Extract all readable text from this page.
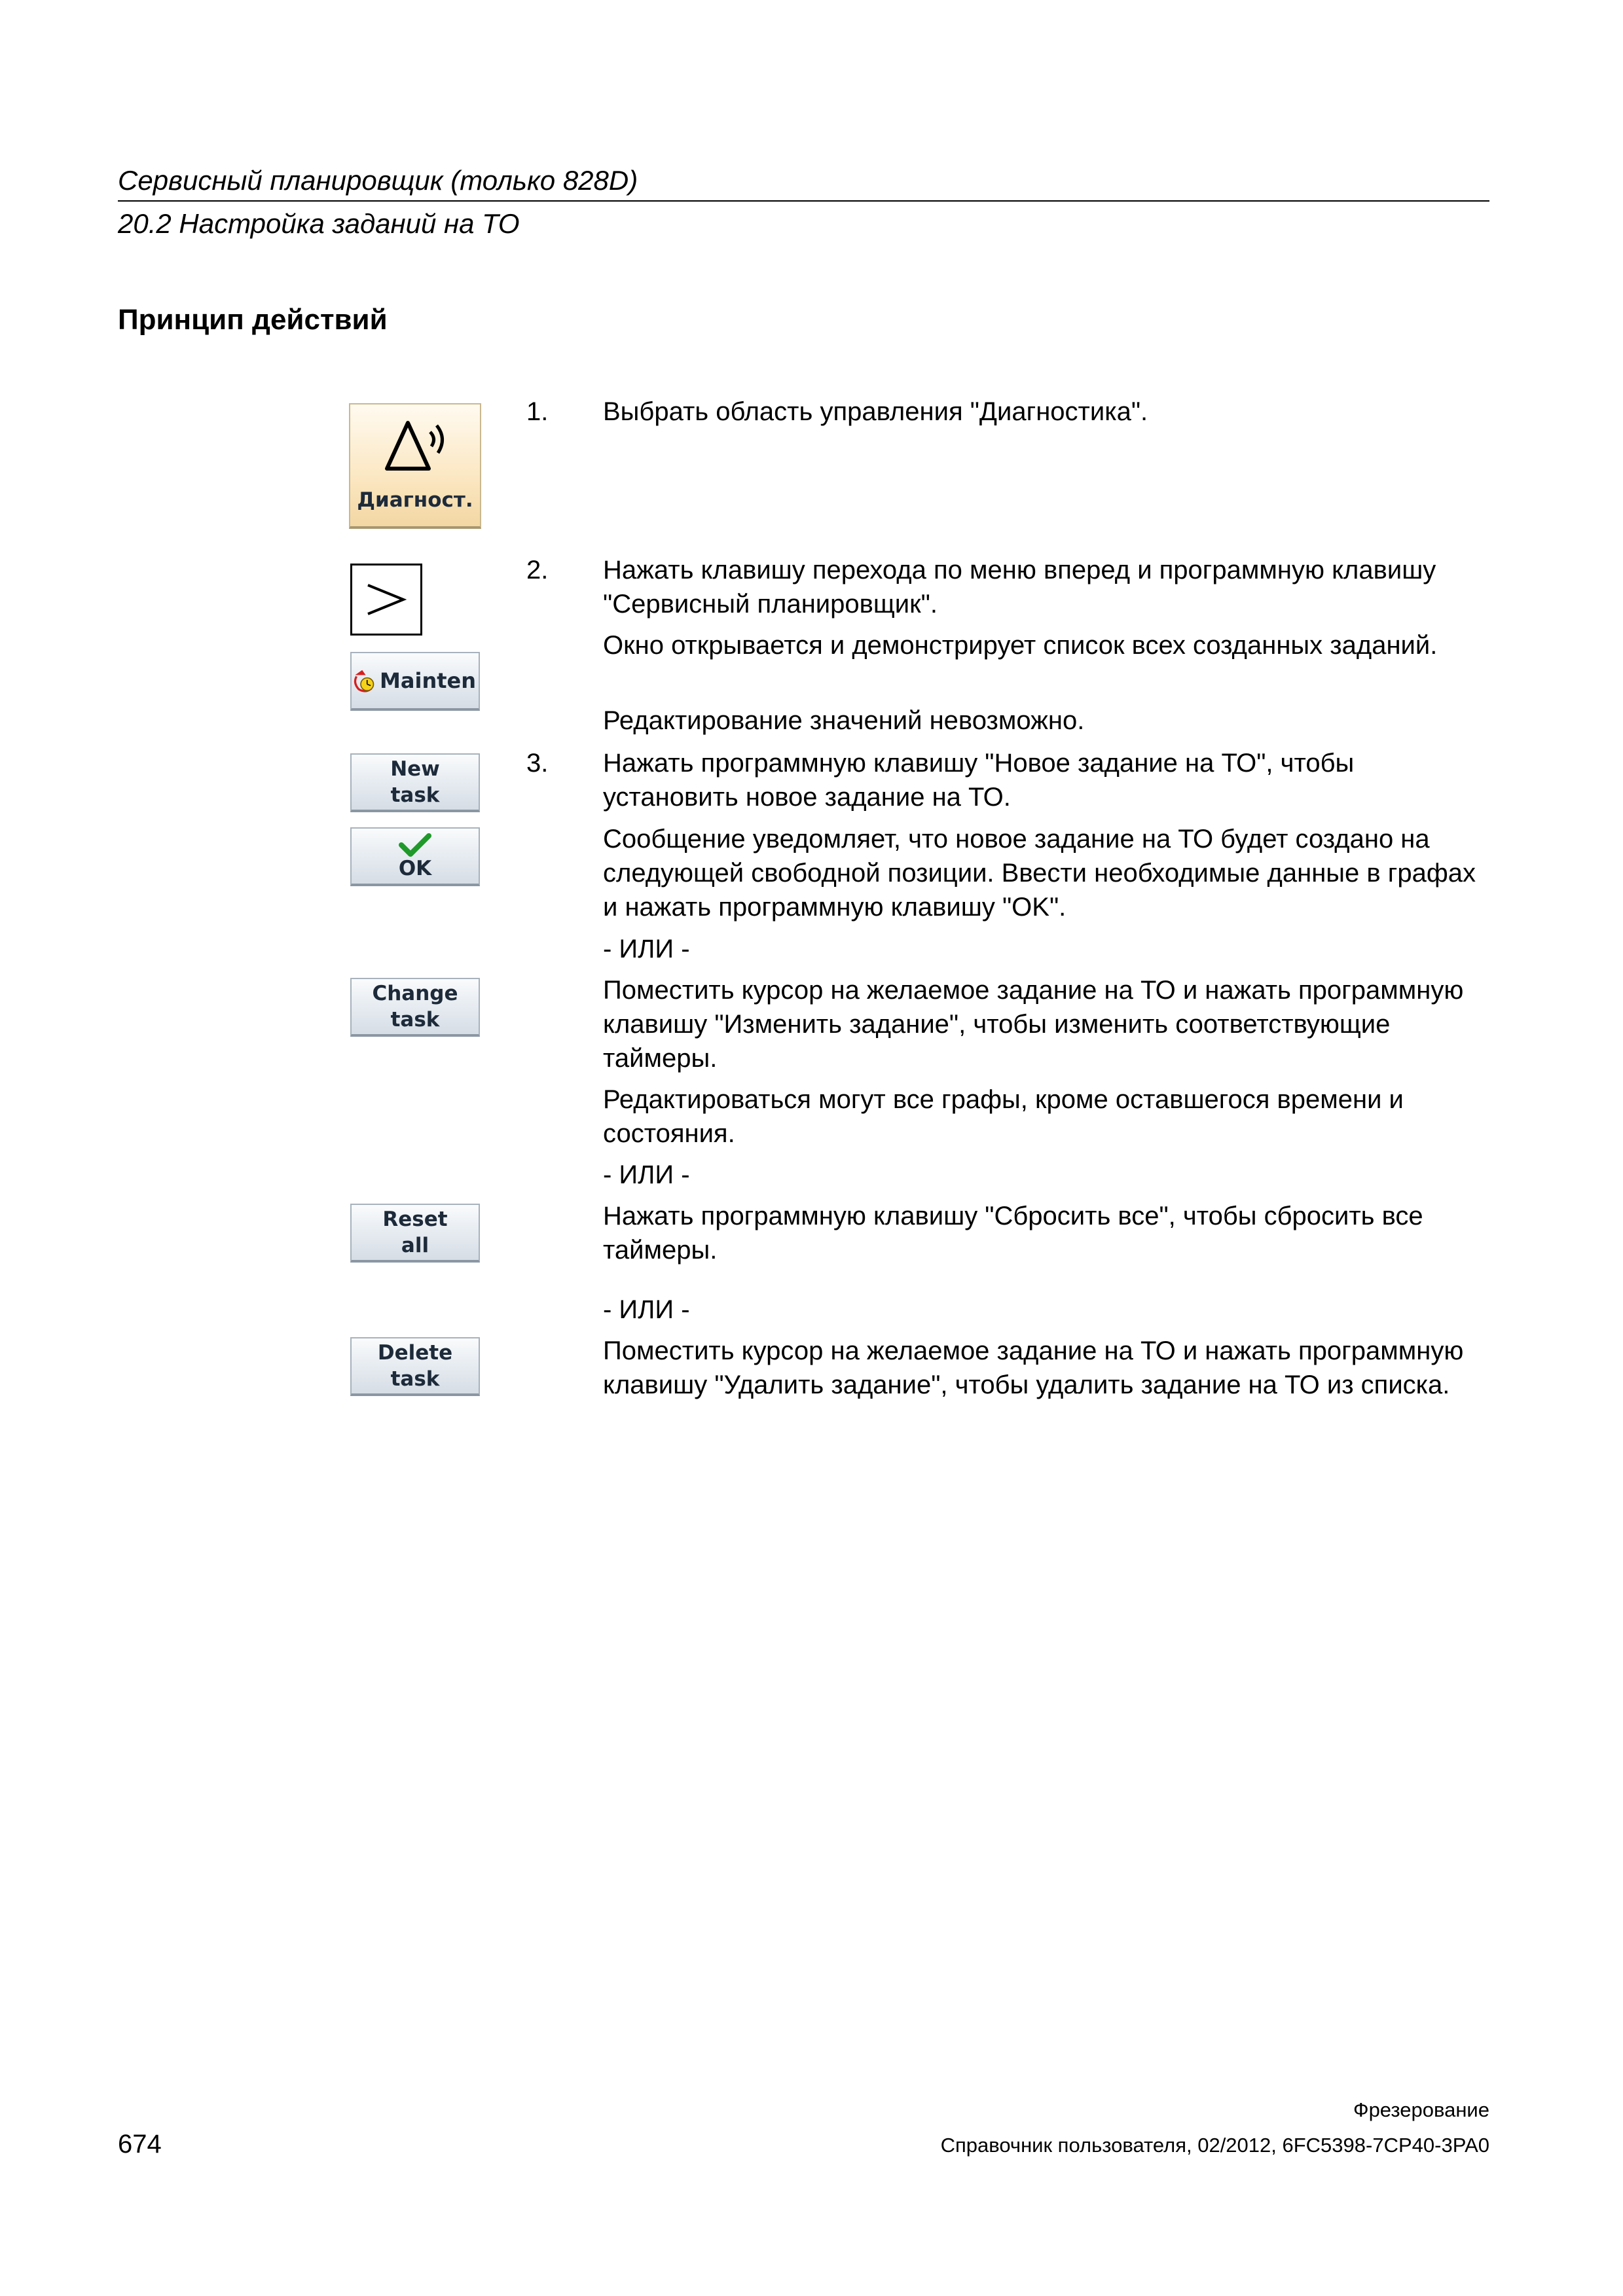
Сервисный планировщик (только 828D)
20.2 Настройка заданий на ТО
Принцип действий
Диагност.
Mainten
New
task
OK
Change
task
Reset
all
Delete
task
1. Выбрать область управления "Диагностика".
2. Нажать клавишу перехода по меню вперед и программную клавишу "Сервисный планировщик".
Окно открывается и демонстрирует список всех созданных заданий.
Редактирование значений невозможно.
3. Нажать программную клавишу "Новое задание на ТО", чтобы установить новое задание на ТО.
Сообщение уведомляет, что новое задание на ТО будет создано на следующей свободной позиции. Ввести необходимые данные в графах и нажать программную клавишу "OK".
- ИЛИ -
Поместить курсор на желаемое задание на ТО и нажать программную клавишу "Изменить задание", чтобы изменить соответствующие таймеры.
Редактироваться могут все графы, кроме оставшегося времени и состояния.
- ИЛИ -
Нажать программную клавишу "Сбросить все", чтобы сбросить все таймеры.
- ИЛИ -
Поместить курсор на желаемое задание на ТО и нажать программную клавишу "Удалить задание", чтобы удалить задание на ТО из списка.
Фрезерование
674	Справочник пользователя, 02/2012, 6FC5398-7CP40-3PA0
